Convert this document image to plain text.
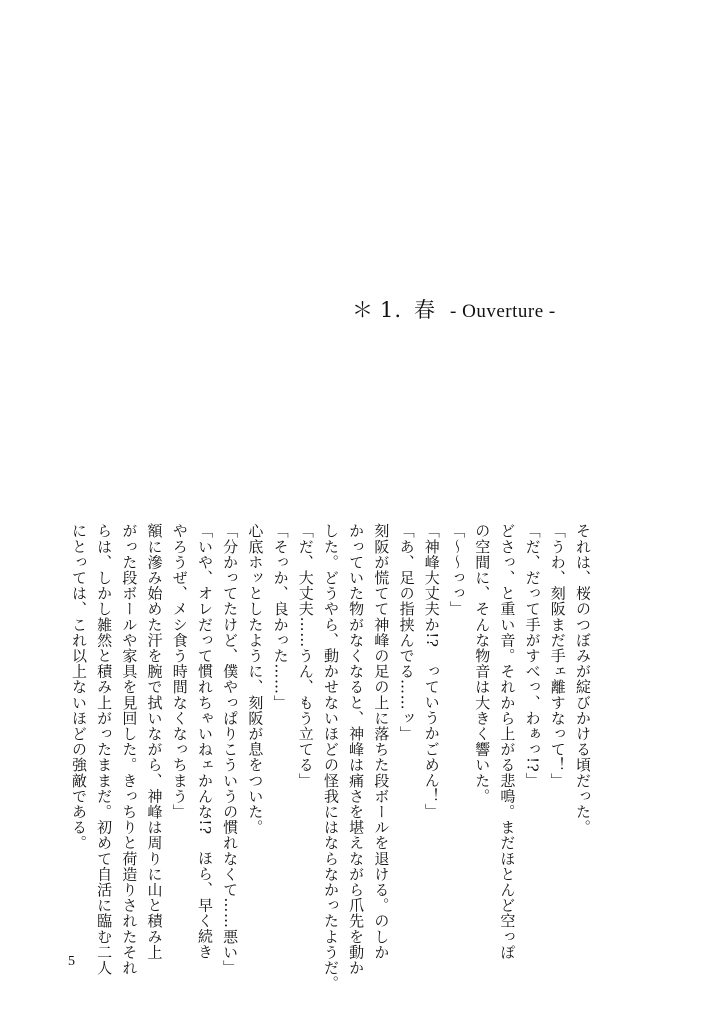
＊ 1. 春 - Ouverture -

それは、桜のつぼみが綻びかける頃だった。

「うわ、刻阪まだ手ェ離すなって！」

「だ、だって手がすべっ、わぁっ!?」

どさっ、と重い音。それから上がる悲鳴。まだほとんど空っぽ

の空間に、そんな物音は大きく響いた。

「～～っっ」

「神峰大丈夫か!?　っていうかごめん！」

「あ、足の指挟んでる……ッ」

刻阪が慌てて神峰の足の上に落ちた段ボールを退ける。のしか

かっていた物がなくなると、神峰は痛さを堪えながら爪先を動か

した。どうやら、動かせないほどの怪我にはならなかったようだ。

「だ、大丈夫……うん、もう立てる」

「そっか、良かった……」

心底ホッとしたように、刻阪が息をついた。

「分かってたけど、僕やっぱりこういうの慣れなくて……悪い」

「いや、オレだって慣れちゃいねェかんな!?　ほら、早く続き

やろうぜ、メシ食う時間なくなっちまう」

額に滲み始めた汗を腕で拭いながら、神峰は周りに山と積み上

がった段ボールや家具を見回した。きっちりと荷造りされたそれ

らは、しかし雑然と積み上がったままだ。初めて自活に臨む二人

にとっては、これ以上ないほどの強敵である。

5
